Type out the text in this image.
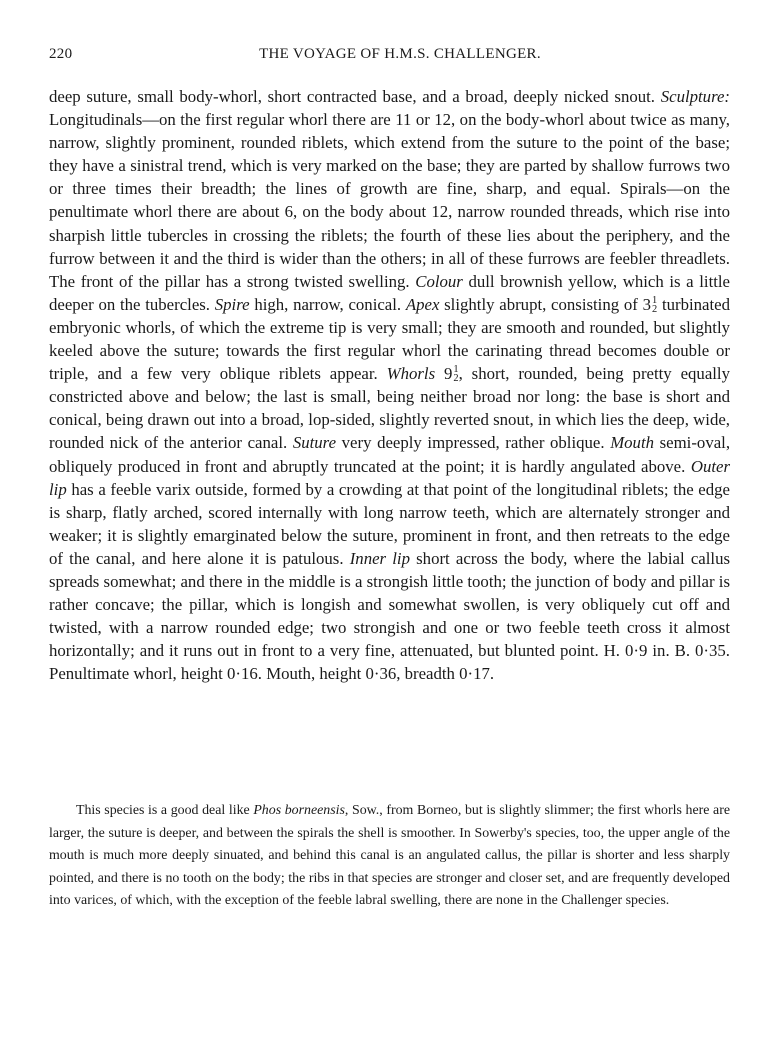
220	THE VOYAGE OF H.M.S. CHALLENGER.

deep suture, small body-whorl, short contracted base, and a broad, deeply nicked snout. Sculpture: Longitudinals—on the first regular whorl there are 11 or 12, on the body-whorl about twice as many, narrow, slightly prominent, rounded riblets, which extend from the suture to the point of the base; they have a sinistral trend, which is very marked on the base; they are parted by shallow furrows two or three times their breadth; the lines of growth are fine, sharp, and equal. Spirals—on the penultimate whorl there are about 6, on the body about 12, narrow rounded threads, which rise into sharpish little tubercles in crossing the riblets; the fourth of these lies about the periphery, and the furrow between it and the third is wider than the others; in all of these furrows are feebler threadlets. The front of the pillar has a strong twisted swelling. Colour dull brownish yellow, which is a little deeper on the tubercles. Spire high, narrow, conical. Apex slightly abrupt, consisting of 3 1
2 turbinated embryonic whorls, of which the extreme tip is very small; they are smooth and rounded, but slightly keeled above the suture; towards the first regular whorl the carinating thread becomes double or triple, and a few very oblique riblets appear. Whorls 9 1
2 , short, rounded, being pretty equally constricted above and below; the last is small, being neither broad nor long: the base is short and conical, being drawn out into a broad, lop-sided, slightly reverted snout, in which lies the deep, wide, rounded nick of the anterior canal. Suture very deeply impressed, rather oblique. Mouth semi-oval, obliquely produced in front and abruptly truncated at the point; it is hardly angulated above. Outer lip has a feeble varix outside, formed by a crowding at that point of the longitudinal riblets; the edge is sharp, flatly arched, scored internally with long narrow teeth, which are alternately stronger and weaker; it is slightly emarginated below the suture, prominent in front, and then retreats to the edge of the canal, and here alone it is patulous. Inner lip short across the body, where the labial callus spreads somewhat; and there in the middle is a strongish little tooth; the junction of body and pillar is rather concave; the pillar, which is longish and somewhat swollen, is very obliquely cut off and twisted, with a narrow rounded edge; two strongish and one or two feeble teeth cross it almost horizontally; and it runs out in front to a very fine, attenuated, but blunted point. H. 0·9 in. B. 0·35. Penultimate whorl, height 0·16. Mouth, height 0·36, breadth 0·17.

This species is a good deal like Phos borneensis, Sow., from Borneo, but is slightly slimmer; the first whorls here are larger, the suture is deeper, and between the spirals the shell is smoother. In Sowerby's species, too, the upper angle of the mouth is much more deeply sinuated, and behind this canal is an angulated callus, the pillar is shorter and less sharply pointed, and there is no tooth on the body; the ribs in that species are stronger and closer set, and are frequently developed into varices, of which, with the exception of the feeble labral swelling, there are none in the Challenger species.
